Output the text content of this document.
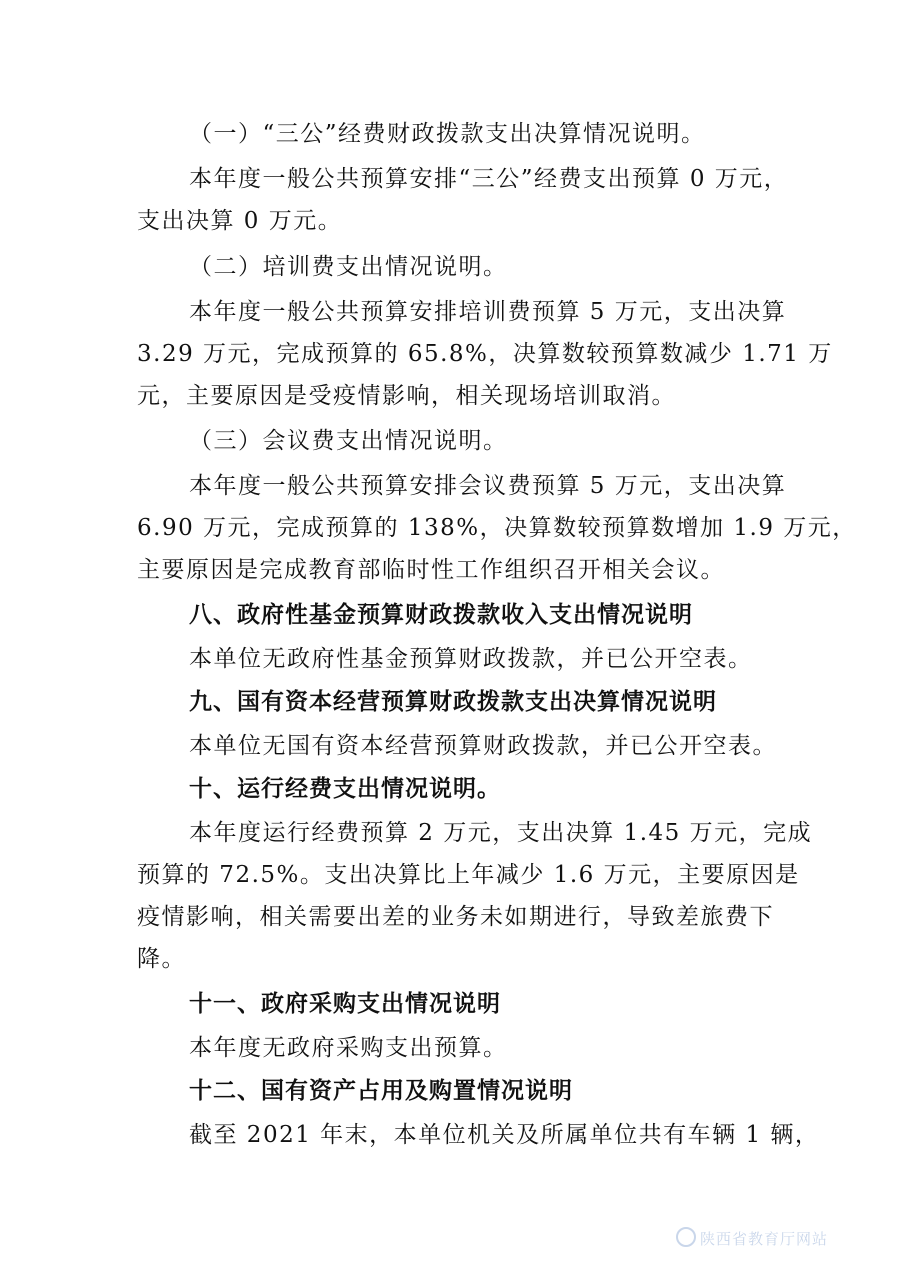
（一）“三公”经费财政拨款支出决算情况说明。
本年度一般公共预算安排“三公”经费支出预算 0 万元，
支出决算 0 万元。
（二）培训费支出情况说明。
本年度一般公共预算安排培训费预算 5 万元，支出决算
3.29 万元，完成预算的 65.8%，决算数较预算数减少 1.71 万
元，主要原因是受疫情影响，相关现场培训取消。
（三）会议费支出情况说明。
本年度一般公共预算安排会议费预算 5 万元，支出决算
6.90 万元，完成预算的 138%，决算数较预算数增加 1.9 万元，
主要原因是完成教育部临时性工作组织召开相关会议。
八、政府性基金预算财政拨款收入支出情况说明
本单位无政府性基金预算财政拨款，并已公开空表。
九、国有资本经营预算财政拨款支出决算情况说明
本单位无国有资本经营预算财政拨款，并已公开空表。
十、运行经费支出情况说明。
本年度运行经费预算 2 万元，支出决算 1.45 万元，完成
预算的 72.5%。支出决算比上年减少 1.6 万元，主要原因是
疫情影响，相关需要出差的业务未如期进行，导致差旅费下
降。
十一、政府采购支出情况说明
本年度无政府采购支出预算。
十二、国有资产占用及购置情况说明
截至 2021 年末，本单位机关及所属单位共有车辆 1 辆，
陕西省教育厅网站
